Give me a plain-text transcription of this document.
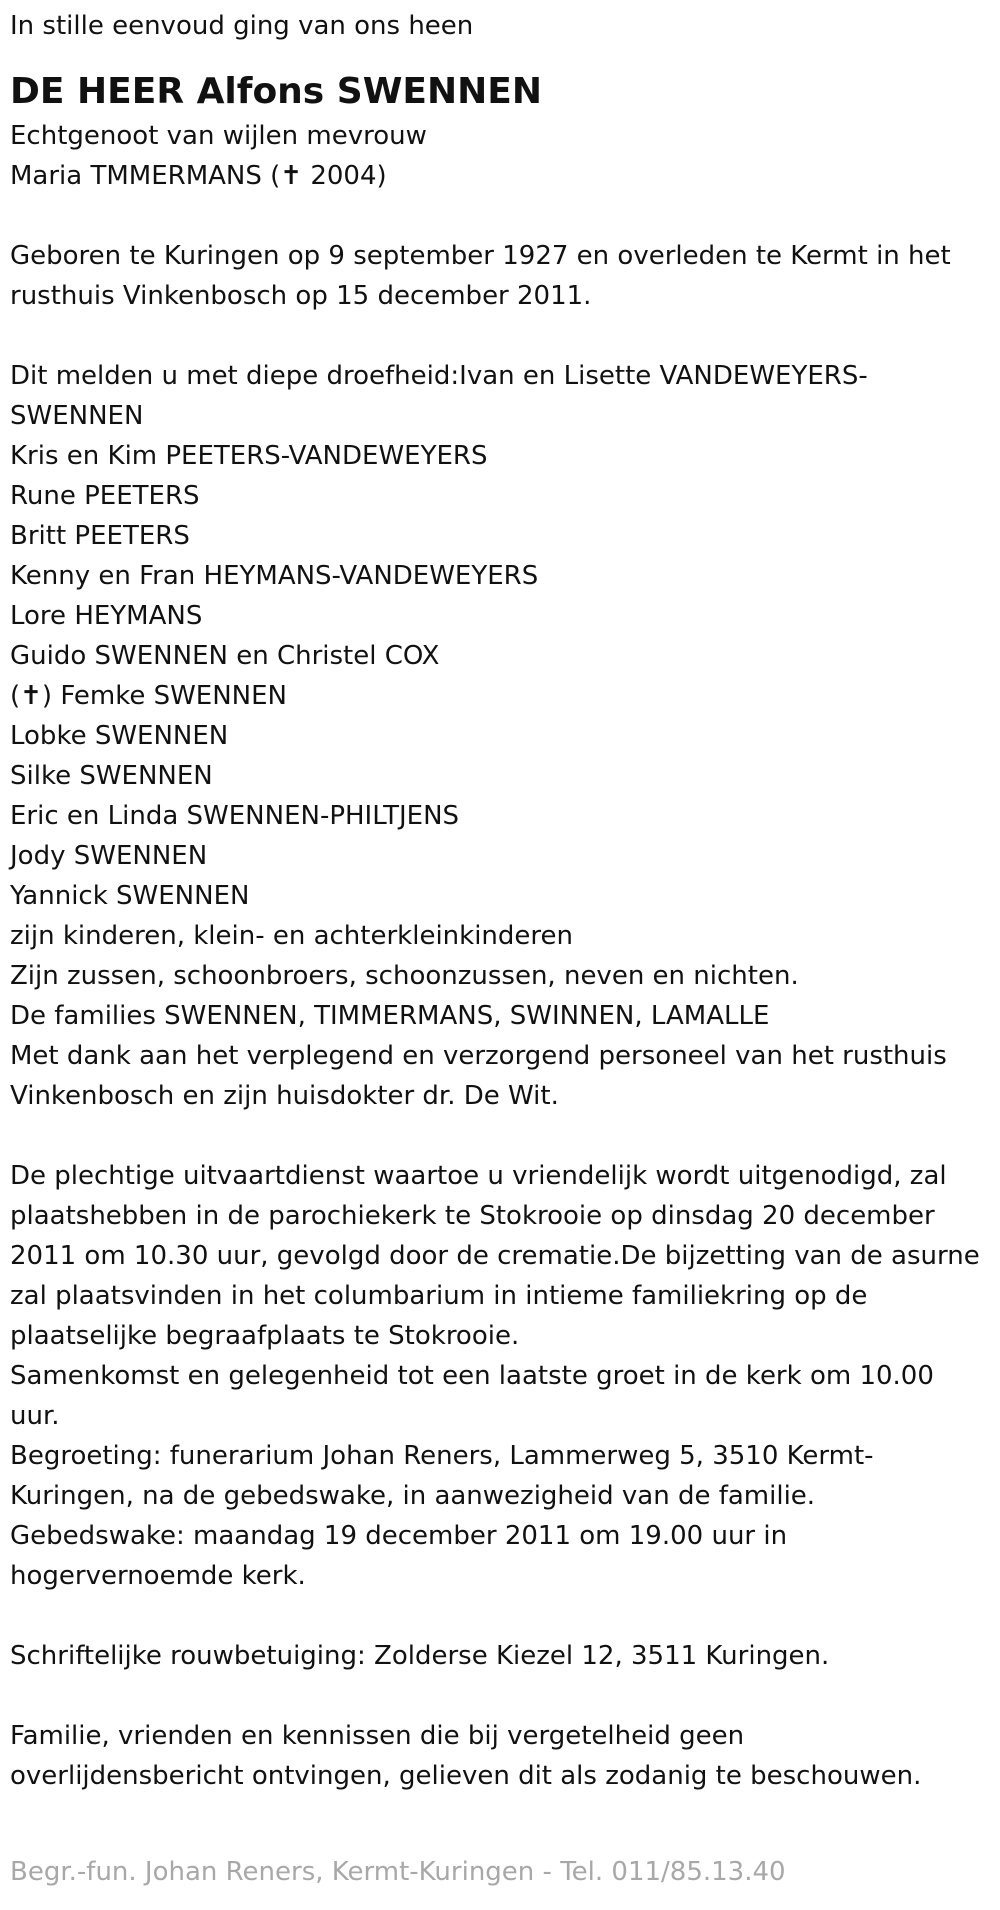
In stille eenvoud ging van ons heen
DE HEER Alfons SWENNEN
Echtgenoot van wijlen mevrouw
Maria TMMERMANS (✝ 2004)
Geboren te Kuringen op 9 september 1927 en overleden te Kermt in het
rusthuis Vinkenbosch op 15 december 2011.
Dit melden u met diepe droefheid:Ivan en Lisette VANDEWEYERS-
SWENNEN
Kris en Kim PEETERS-VANDEWEYERS
Rune PEETERS
Britt PEETERS
Kenny en Fran HEYMANS-VANDEWEYERS
Lore HEYMANS
Guido SWENNEN en Christel COX
(✝) Femke SWENNEN
Lobke SWENNEN
Silke SWENNEN
Eric en Linda SWENNEN-PHILTJENS
Jody SWENNEN
Yannick SWENNEN
zijn kinderen, klein- en achterkleinkinderen
Zijn zussen, schoonbroers, schoonzussen, neven en nichten.
De families SWENNEN, TIMMERMANS, SWINNEN, LAMALLE
Met dank aan het verplegend en verzorgend personeel van het rusthuis
Vinkenbosch en zijn huisdokter dr. De Wit.
De plechtige uitvaartdienst waartoe u vriendelijk wordt uitgenodigd, zal
plaatshebben in de parochiekerk te Stokrooie op dinsdag 20 december
2011 om 10.30 uur, gevolgd door de crematie.De bijzetting van de asurne
zal plaatsvinden in het columbarium in intieme familiekring op de
plaatselijke begraafplaats te Stokrooie.
Samenkomst en gelegenheid tot een laatste groet in de kerk om 10.00
uur.
Begroeting: funerarium Johan Reners, Lammerweg 5, 3510 Kermt-
Kuringen, na de gebedswake, in aanwezigheid van de familie.
Gebedswake: maandag 19 december 2011 om 19.00 uur in
hogervernoemde kerk.
Schriftelijke rouwbetuiging: Zolderse Kiezel 12, 3511 Kuringen.
Familie, vrienden en kennissen die bij vergetelheid geen
overlijdensbericht ontvingen, gelieven dit als zodanig te beschouwen.
Begr.-fun. Johan Reners, Kermt-Kuringen - Tel. 011/85.13.40
